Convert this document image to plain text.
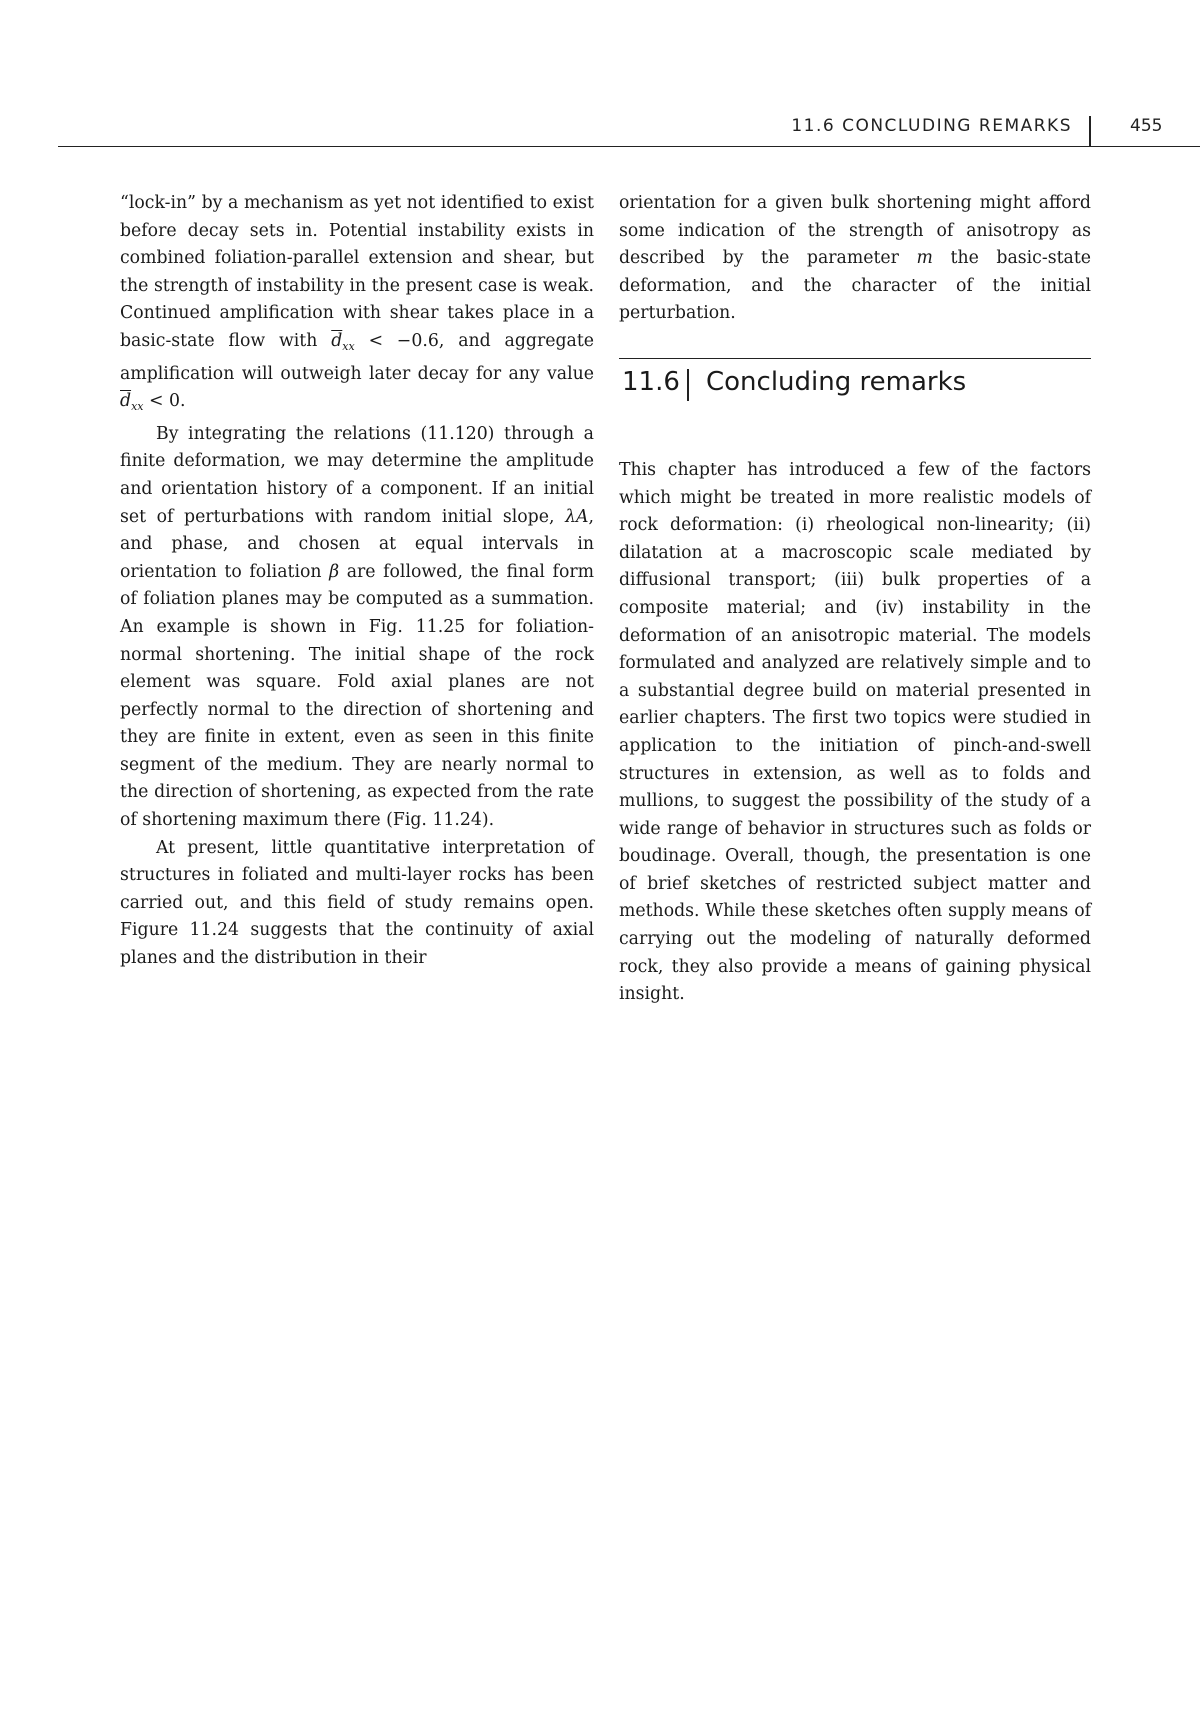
11.6 CONCLUDING REMARKS	455

“lock-in” by a mechanism as yet not identified to exist before decay sets in. Potential instability exists in combined foliation-parallel extension and shear, but the strength of instability in the present case is weak. Continued amplification with shear takes place in a basic-state flow with $\overline{d}_{xx} < -0.6$, and aggregate amplification will outweigh later decay for any value $\overline{d}_{xx} < 0$.

By integrating the relations (11.120) through a finite deformation, we may determine the amplitude and orientation history of a component. If an initial set of perturbations with random initial slope, λA, and phase, and chosen at equal intervals in orientation to foliation β are followed, the final form of foliation planes may be computed as a summation. An example is shown in Fig. 11.25 for foliation-normal shortening. The initial shape of the rock element was square. Fold axial planes are not perfectly normal to the direction of shortening and they are finite in extent, even as seen in this finite segment of the medium. They are nearly normal to the direction of shortening, as expected from the rate of shortening maximum there (Fig. 11.24).

At present, little quantitative interpretation of structures in foliated and multi-layer rocks has been carried out, and this field of study remains open. Figure 11.24 suggests that the continuity of axial planes and the distribution in their

orientation for a given bulk shortening might afford some indication of the strength of anisotropy as described by the parameter m the basic-state deformation, and the character of the initial perturbation.

11.6 Concluding remarks

This chapter has introduced a few of the factors which might be treated in more realistic models of rock deformation: (i) rheological non-linearity; (ii) dilatation at a macroscopic scale mediated by diffusional transport; (iii) bulk properties of a composite material; and (iv) instability in the deformation of an anisotropic material. The models formulated and analyzed are relatively simple and to a substantial degree build on material presented in earlier chapters. The first two topics were studied in application to the initiation of pinch-and-swell structures in extension, as well as to folds and mullions, to suggest the possibility of the study of a wide range of behavior in structures such as folds or boudinage. Overall, though, the presentation is one of brief sketches of restricted subject matter and methods. While these sketches often supply means of carrying out the modeling of naturally deformed rock, they also provide a means of gaining physical insight.
